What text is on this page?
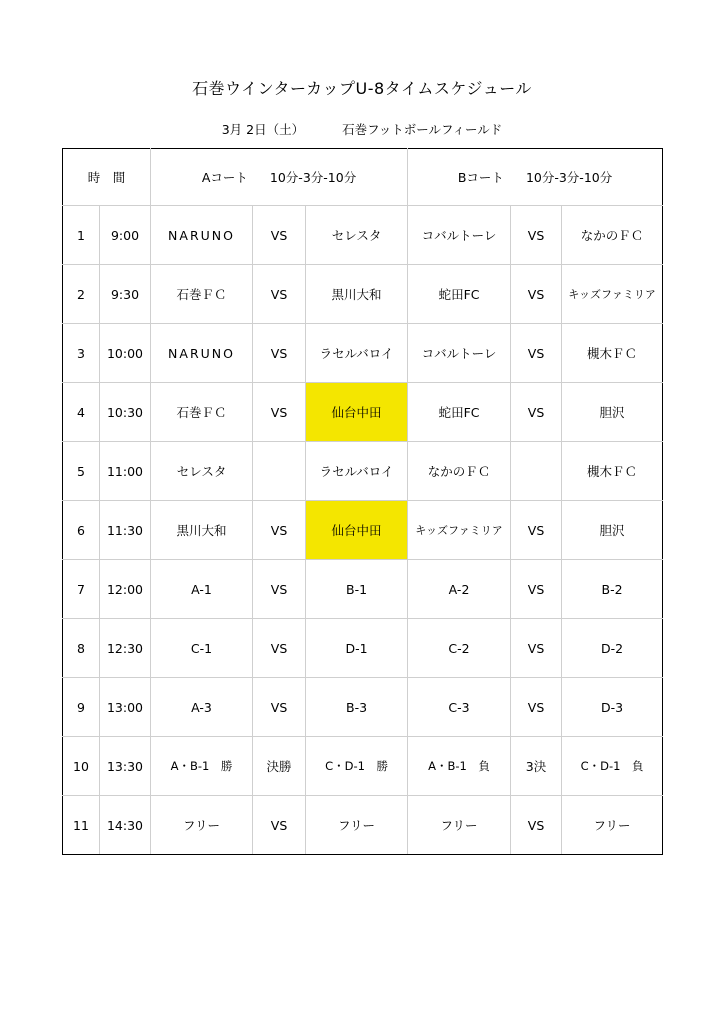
石巻ウインターカップU-8タイムスケジュール
3月 2日（土）	石巻フットボールフィールド
時　間		Aコート 10分-3分-10分			Bコート 10分-3分-10分		
1	9:00	NARUNO	VS	セレスタ	コバルトーレ	VS	なかのＦＣ
2	9:30	石巻ＦＣ	VS	黒川大和	蛇田FC	VS	キッズファミリア
3	10:00	NARUNO	VS	ラセルバロイ	コバルトーレ	VS	槻木ＦＣ
4	10:30	石巻ＦＣ	VS	仙台中田	蛇田FC	VS	胆沢
5	11:00	セレスタ		ラセルバロイ	なかのＦＣ		槻木ＦＣ
6	11:30	黒川大和	VS	仙台中田	キッズファミリア	VS	胆沢
7	12:00	A-1	VS	B-1	A-2	VS	B-2
8	12:30	C-1	VS	D-1	C-2	VS	D-2
9	13:00	A-3	VS	B-3	C-3	VS	D-3
10	13:30	A・B-1　勝	決勝	C・D-1　勝	A・B-1　負	3決	C・D-1　負
11	14:30	フリー	VS	フリー	フリー	VS	フリー
